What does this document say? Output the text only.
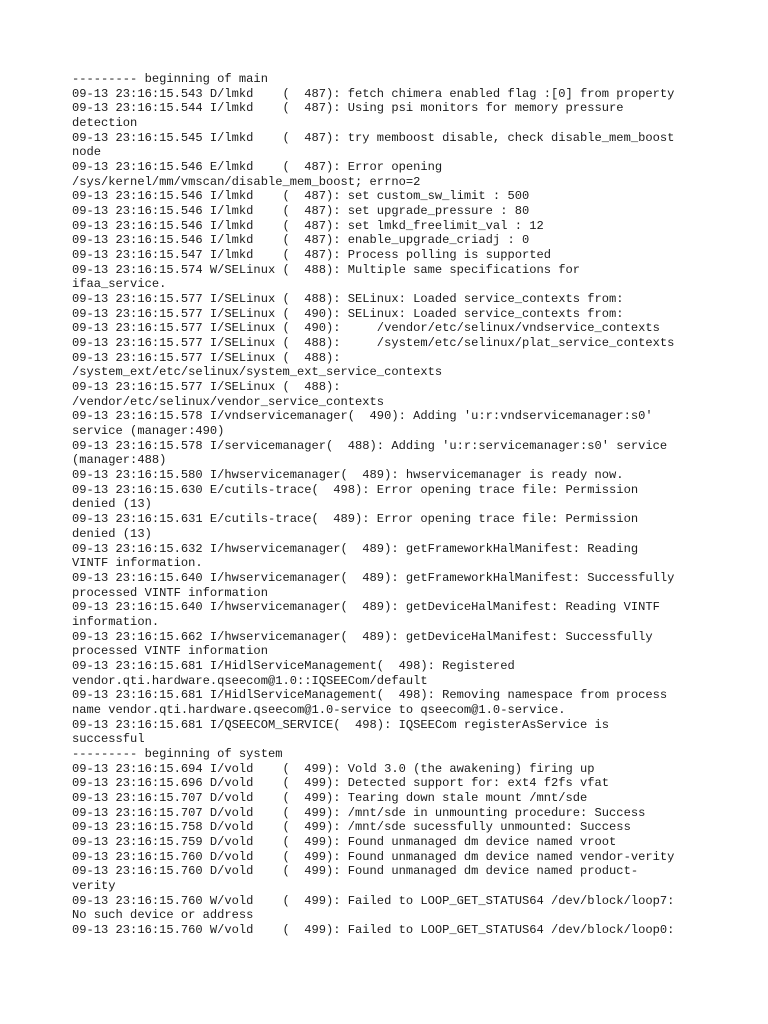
--------- beginning of main
09-13 23:16:15.543 D/lmkd    (  487): fetch chimera enabled flag :[0] from property
09-13 23:16:15.544 I/lmkd    (  487): Using psi monitors for memory pressure
detection
09-13 23:16:15.545 I/lmkd    (  487): try memboost disable, check disable_mem_boost
node
09-13 23:16:15.546 E/lmkd    (  487): Error opening
/sys/kernel/mm/vmscan/disable_mem_boost; errno=2
09-13 23:16:15.546 I/lmkd    (  487): set custom_sw_limit : 500
09-13 23:16:15.546 I/lmkd    (  487): set upgrade_pressure : 80
09-13 23:16:15.546 I/lmkd    (  487): set lmkd_freelimit_val : 12
09-13 23:16:15.546 I/lmkd    (  487): enable_upgrade_criadj : 0
09-13 23:16:15.547 I/lmkd    (  487): Process polling is supported
09-13 23:16:15.574 W/SELinux (  488): Multiple same specifications for
ifaa_service.
09-13 23:16:15.577 I/SELinux (  488): SELinux: Loaded service_contexts from:
09-13 23:16:15.577 I/SELinux (  490): SELinux: Loaded service_contexts from:
09-13 23:16:15.577 I/SELinux (  490):     /vendor/etc/selinux/vndservice_contexts
09-13 23:16:15.577 I/SELinux (  488):     /system/etc/selinux/plat_service_contexts
09-13 23:16:15.577 I/SELinux (  488):
/system_ext/etc/selinux/system_ext_service_contexts
09-13 23:16:15.577 I/SELinux (  488):
/vendor/etc/selinux/vendor_service_contexts
09-13 23:16:15.578 I/vndservicemanager(  490): Adding 'u:r:vndservicemanager:s0'
service (manager:490)
09-13 23:16:15.578 I/servicemanager(  488): Adding 'u:r:servicemanager:s0' service
(manager:488)
09-13 23:16:15.580 I/hwservicemanager(  489): hwservicemanager is ready now.
09-13 23:16:15.630 E/cutils-trace(  498): Error opening trace file: Permission
denied (13)
09-13 23:16:15.631 E/cutils-trace(  489): Error opening trace file: Permission
denied (13)
09-13 23:16:15.632 I/hwservicemanager(  489): getFrameworkHalManifest: Reading
VINTF information.
09-13 23:16:15.640 I/hwservicemanager(  489): getFrameworkHalManifest: Successfully
processed VINTF information
09-13 23:16:15.640 I/hwservicemanager(  489): getDeviceHalManifest: Reading VINTF
information.
09-13 23:16:15.662 I/hwservicemanager(  489): getDeviceHalManifest: Successfully
processed VINTF information
09-13 23:16:15.681 I/HidlServiceManagement(  498): Registered
vendor.qti.hardware.qseecom@1.0::IQSEECom/default
09-13 23:16:15.681 I/HidlServiceManagement(  498): Removing namespace from process
name vendor.qti.hardware.qseecom@1.0-service to qseecom@1.0-service.
09-13 23:16:15.681 I/QSEECOM_SERVICE(  498): IQSEECom registerAsService is
successful
--------- beginning of system
09-13 23:16:15.694 I/vold    (  499): Vold 3.0 (the awakening) firing up
09-13 23:16:15.696 D/vold    (  499): Detected support for: ext4 f2fs vfat
09-13 23:16:15.707 D/vold    (  499): Tearing down stale mount /mnt/sde
09-13 23:16:15.707 D/vold    (  499): /mnt/sde in unmounting procedure: Success
09-13 23:16:15.758 D/vold    (  499): /mnt/sde sucessfully unmounted: Success
09-13 23:16:15.759 D/vold    (  499): Found unmanaged dm device named vroot
09-13 23:16:15.760 D/vold    (  499): Found unmanaged dm device named vendor-verity
09-13 23:16:15.760 D/vold    (  499): Found unmanaged dm device named product-
verity
09-13 23:16:15.760 W/vold    (  499): Failed to LOOP_GET_STATUS64 /dev/block/loop7:
No such device or address
09-13 23:16:15.760 W/vold    (  499): Failed to LOOP_GET_STATUS64 /dev/block/loop0:
